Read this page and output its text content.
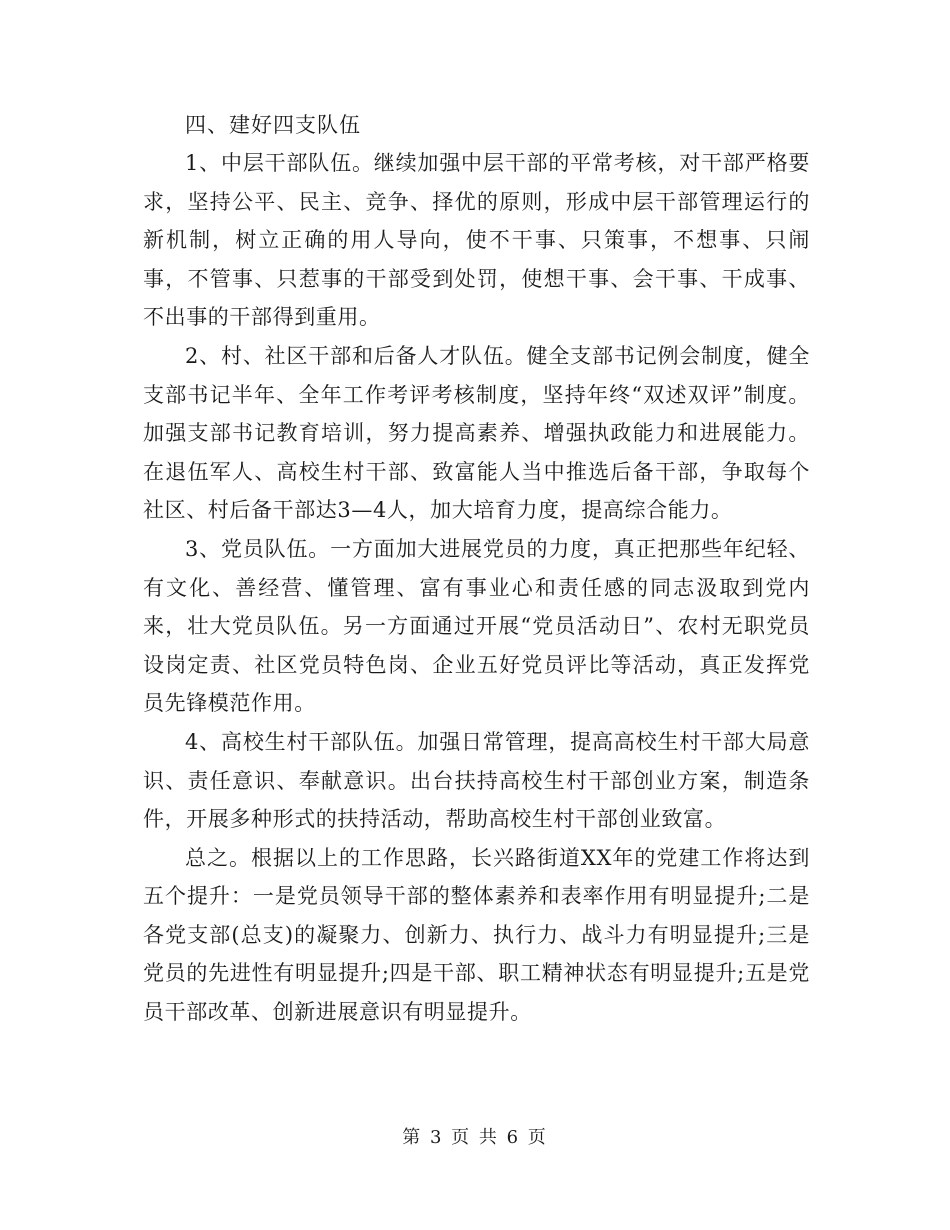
四、建好四支队伍

1、中层干部队伍。继续加强中层干部的平常考核，对干部严格要求，坚持公平、民主、竞争、择优的原则，形成中层干部管理运行的新机制，树立正确的用人导向，使不干事、只策事，不想事、只闹事，不管事、只惹事的干部受到处罚，使想干事、会干事、干成事、不出事的干部得到重用。

2、村、社区干部和后备人才队伍。健全支部书记例会制度，健全支部书记半年、全年工作考评考核制度，坚持年终“双述双评”制度。加强支部书记教育培训，努力提高素养、增强执政能力和进展能力。在退伍军人、高校生村干部、致富能人当中推选后备干部，争取每个社区、村后备干部达3—4人，加大培育力度，提高综合能力。

3、党员队伍。一方面加大进展党员的力度，真正把那些年纪轻、有文化、善经营、懂管理、富有事业心和责任感的同志汲取到党内来，壮大党员队伍。另一方面通过开展“党员活动日”、农村无职党员设岗定责、社区党员特色岗、企业五好党员评比等活动，真正发挥党员先锋模范作用。

4、高校生村干部队伍。加强日常管理，提高高校生村干部大局意识、责任意识、奉献意识。出台扶持高校生村干部创业方案，制造条件，开展多种形式的扶持活动，帮助高校生村干部创业致富。

总之。根据以上的工作思路，长兴路街道XX年的党建工作将达到五个提升：一是党员领导干部的整体素养和表率作用有明显提升;二是各党支部(总支)的凝聚力、创新力、执行力、战斗力有明显提升;三是党员的先进性有明显提升;四是干部、职工精神状态有明显提升;五是党员干部改革、创新进展意识有明显提升。

第 3 页 共 6 页
